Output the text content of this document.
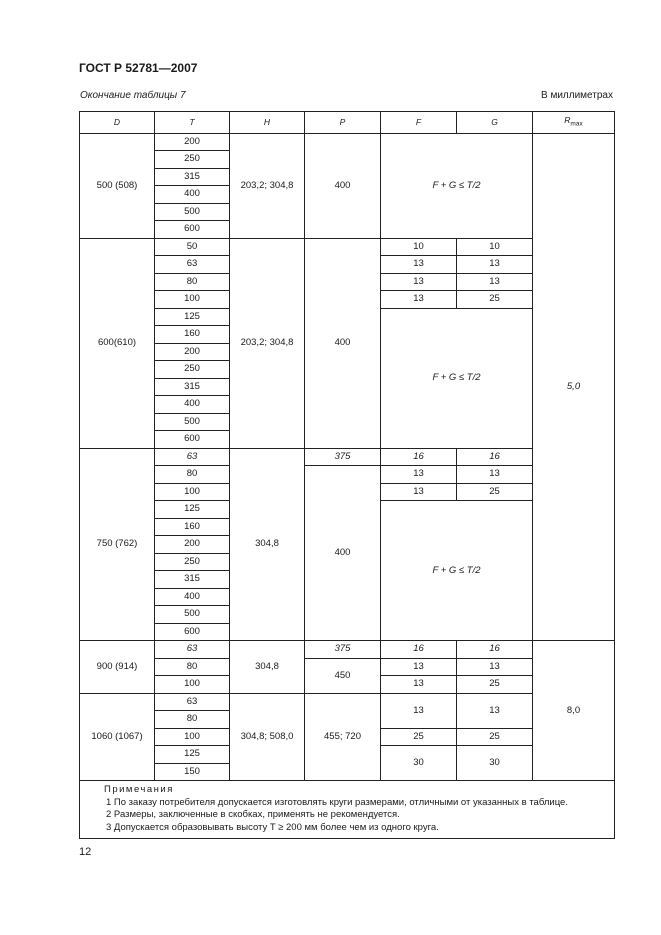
ГОСТ Р 52781—2007
Окончание таблицы 7	В миллиметрах
D	T	H	P	F	G	$R_{max}$
500 (508)	200	203,2; 304,8	400	F + G ≤ T/2		5,0
	250					
	315					
	400					
	500					
	600					
600(610)	50	203,2; 304,8	400	10	10	
	63			13	13	
	80			13	13	
	100			13	25	
	125			F + G ≤ T/2		
	160					
	200					
	250					
	315					
	400					
	500					
	600					
750 (762)	63	304,8	375	16	16	
	80		400	13	13	
	100			13	25	
	125			F + G ≤ T/2		
	160					
	200					
	250					
	315					
	400					
	500					
	600					
900 (914)	63	304,8	375	16	16	8,0
	80		450	13	13	
	100			13	25	
1060 (1067)	63	304,8; 508,0	455; 720	13	13	
	80					
	100			25	25	
	125			30	30	
	150					

Примечания
1 По заказу потребителя допускается изготовлять круги размерами, отличными от указанных в таблице.
2 Размеры, заключенные в скобках, применять не рекомендуется.
3 Допускается образовывать высоту T ≥ 200 мм более чем из одного круга.						
12
